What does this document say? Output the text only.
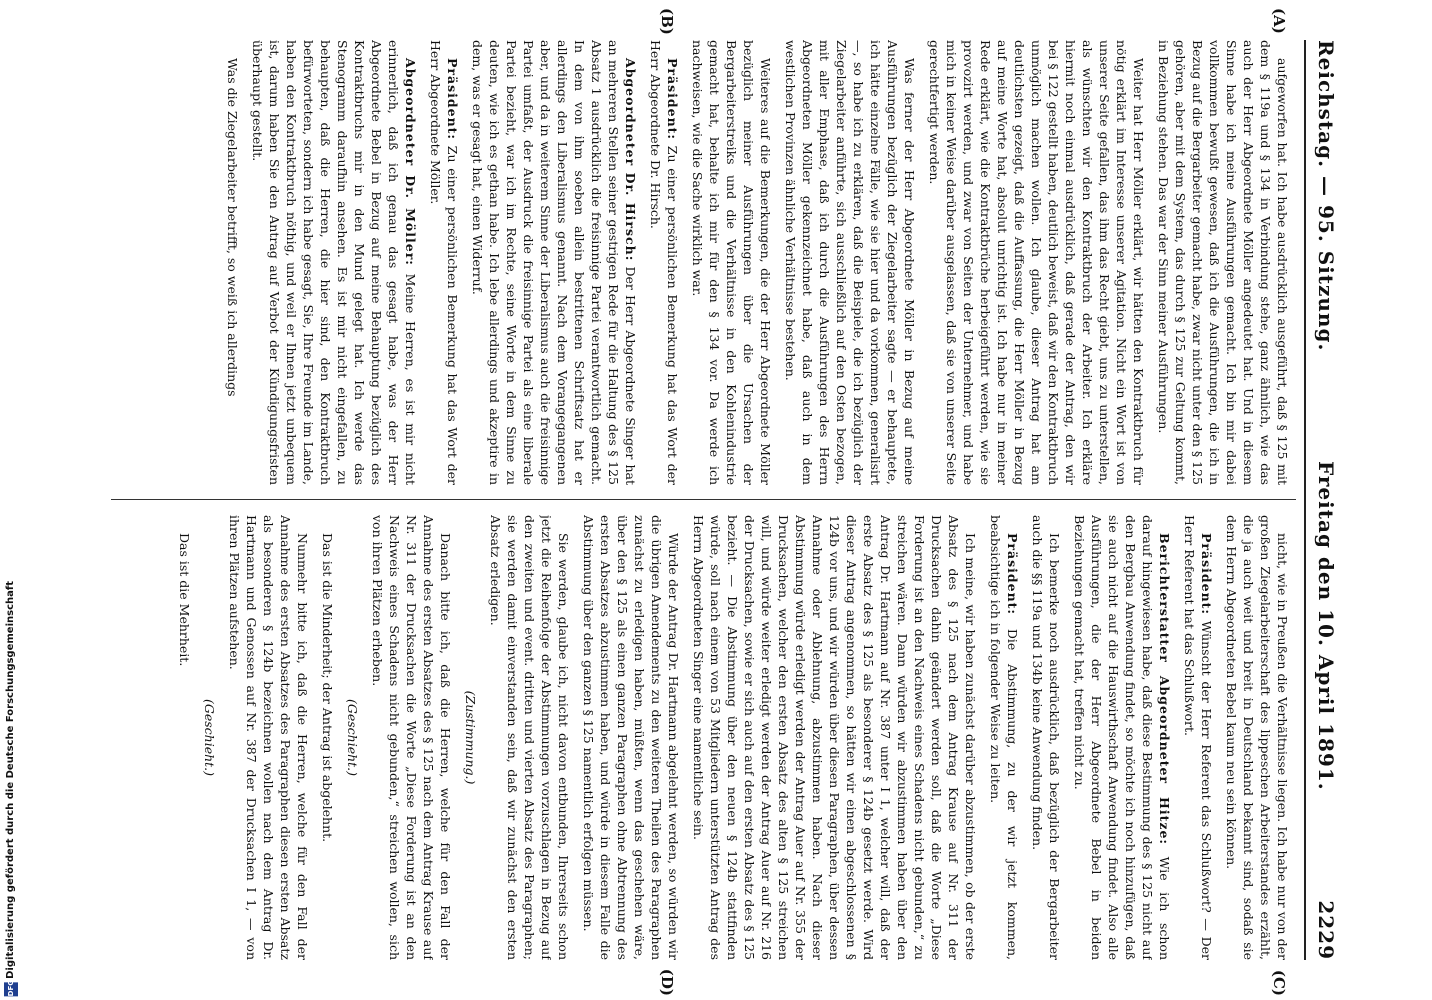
Reichstag. — 95. Sitzung.
Freitag den 10. April 1891.
2229
(A)
(B)
(C)
(D)

aufgeworfen hat. Ich habe ausdrücklich ausgeführt, daß § 125 mit dem § 119a und § 134 in Verbindung stehe, ganz ähnlich, wie das auch der Herr Abgeordnete Möller angedeutet hat. Und in diesem Sinne habe ich meine Ausführungen gemacht. Ich bin mir dabei vollkommen bewußt gewesen, daß ich die Ausführungen, die ich in Bezug auf die Bergarbeiter gemacht habe, zwar nicht unter den § 125 gehören, aber mit dem System, das durch § 125 zur Geltung kommt, in Beziehung stehen. Das war der Sinn meiner Ausführungen.

Weiter hat Herr Möller erklärt, wir hätten den Kontraktbruch für nötig erklärt im Interesse unserer Agitation. Nicht ein Wort ist von unserer Seite gefallen, das ihm das Recht giebt, uns zu unterstellen, als wünschten wir den Kontraktbruch der Arbeiter. Ich erkläre hiermit noch einmal ausdrücklich, daß gerade der Antrag, den wir bei § 122 gestellt haben, deutlich beweist, daß wir den Kontraktbruch unmöglich machen wollen. Ich glaube, dieser Antrag hat am deutlichsten gezeigt, daß die Auffassung, die Herr Möller in Bezug auf meine Worte hat, absolut unrichtig ist. Ich habe nur in meiner Rede erklärt, wie die Kontraktbrüche herbeigeführt werden, wie sie provozirt werden, und zwar von Seiten der Unternehmer, und habe mich in keiner Weise darüber ausgelassen, daß sie von unserer Seite gerechtfertigt werden.

Was ferner der Herr Abgeordnete Möller in Bezug auf meine Ausführungen bezüglich der Ziegelarbeiter sagte — er behauptete, ich hätte einzelne Fälle, wie sie hier und da vorkommen, generalisirt —, so habe ich zu erklären, daß die Beispiele, die ich bezüglich der Ziegelarbeiter anführte, sich ausschließlich auf den Osten bezogen, mit aller Emphase, daß ich durch die Ausführungen des Herrn Abgeordneten Möller gekennzeichnet habe, daß auch in dem westlichen Provinzen ähnliche Verhältnisse bestehen.

Weiteres auf die Bemerkungen, die der Herr Abgeordnete Möller bezüglich meiner Ausführungen über die Ursachen der Bergarbeiterstreiks und die Verhältnisse in den Kohlenindustrie gemacht hat, behalte ich mir für den § 134 vor. Da werde ich nachweisen, wie die Sache wirklich war.

Präsident: Zu einer persönlichen Bemerkung hat das Wort der Herr Abgeordnete Dr. Hirsch.

Abgeordneter Dr. Hirsch: Der Herr Abgeordnete Singer hat an mehreren Stellen seiner gestrigen Rede für die Haltung des § 125 Absatz 1 ausdrücklich die freisinnige Partei verantwortlich gemacht. In dem von ihm soeben allein bestrittenen Schriftsatz hat er allerdings den Liberalismus genannt. Nach dem Vorangegangenen aber, und da in weiterem Sinne der Liberalismus auch die freisinnige Partei umfaßt, der Ausdruck die freisinnige Partei als eine liberale Partei bezieht, war ich im Rechte, seine Worte in dem Sinne zu deuten, wie ich es gethan habe. Ich lebe allerdings und akzeptire in dem, was er gesagt hat, einen Widerruf.

Präsident: Zu einer persönlichen Bemerkung hat das Wort der Herr Abgeordnete Möller.

Abgeordneter Dr. Möller: Meine Herren, es ist mir nicht erinnerlich, daß ich genau das gesagt habe, was der Herr Abgeordnete Bebel in Bezug auf meine Behauptung bezüglich des Kontraktbruchs mir in den Mund gelegt hat. Ich werde das Stenogramm daraufhin ansehen. Es ist mir nicht eingefallen, zu behaupten, daß die Herren, die hier sind, den Kontraktbruch befürworteten, sondern ich habe gesagt, Sie, Ihre Freunde im Lande, haben den Kontraktbruch nöthig, und weil er Ihnen jetzt unbequem ist, darum haben Sie den Antrag auf Verbot der Kündigungsfristen überhaupt gestellt.

Was die Ziegelarbeiter betrifft, so weiß ich allerdings

nicht, wie in Preußen die Verhältnisse liegen. Ich habe nur von der großen Ziegelarbeiterschaft des lippeschen Arbeiterstandes erzählt, die ja auch weit und breit in Deutschland bekannt sind, sodaß sie dem Herrn Abgeordneten Bebel kaum neu sein können.

Präsident: Wünscht der Herr Referent das Schlußwort? — Der Herr Referent hat das Schlußwort.

Berichterstatter Abgeordneter Hitze: Wie ich schon darauf hingewiesen habe, daß diese Bestimmung des § 125 nicht auf den Bergbau Anwendung findet, so möchte ich noch hinzufügen, daß sie auch nicht auf die Hauswirthschaft Anwendung findet. Also alle Ausführungen, die der Herr Abgeordnete Bebel in beiden Beziehungen gemacht hat, treffen nicht zu.

Ich bemerke noch ausdrücklich, daß bezüglich der Bergarbeiter auch die §§ 119a und 134b keine Anwendung finden.

Präsident: Die Abstimmung, zu der wir jetzt kommen, beabsichtige ich in folgender Weise zu leiten.

Ich meine, wir haben zunächst darüber abzustimmen, ob der erste Absatz des § 125 nach dem Antrag Krause auf Nr. 311 der Drucksachen dahin geändert werden soll, daß die Worte „Diese Forderung ist an den Nachweis eines Schadens nicht gebunden,“ zu streichen wären. Dann würden wir abzustimmen haben über den Antrag Dr. Hartmann auf Nr. 387 unter I 1, welcher will, daß der erste Absatz des § 125 als besonderer § 124b gesetzt werde. Wird dieser Antrag angenommen, so hätten wir einen abgeschlossenen § 124b vor uns, und wir würden über diesen Paragraphen, über dessen Annahme oder Ablehnung, abzustimmen haben. Nach dieser Abstimmung würde erledigt werden der Antrag Auer auf Nr. 355 der Drucksachen, welcher den ersten Absatz des alten § 125 streichen will, und würde weiter erledigt werden der Antrag Auer auf Nr. 216 der Drucksachen, sowie er sich auch auf den ersten Absatz des § 125 bezieht. — Die Abstimmung über den neuen § 124b stattfinden würde, soll nach einem von 53 Mitgliedern unterstützten Antrag des Herrn Abgeordneten Singer eine namentliche sein.

Würde der Antrag Dr. Hartmann abgelehnt werden, so würden wir die übrigen Amendements zu den weiteren Theilen des Paragraphen zunächst zu erledigen haben, müßten, wenn das geschehen wäre, über den § 125 als einen ganzen Paragraphen ohne Abtrennung des ersten Absatzes abzustimmen haben, und würde in diesem Falle die Abstimmung über den ganzen § 125 namentlich erfolgen müssen.

Sie werden, glaube ich, nicht davon entbunden, Ihrerseits schon jetzt die Reihenfolge der Abstimmungen vorzuschlagen in Bezug auf den zweiten und event. dritten und vierten Absatz des Paragraphen; sie werden damit einverstanden sein, daß wir zunächst den ersten Absatz erledigen.

(Zustimmung.)

Danach bitte ich, daß die Herren, welche für den Fall der Annahme des ersten Absatzes des § 125 nach dem Antrag Krause auf Nr. 311 der Drucksachen die Worte „Diese Forderung ist an den Nachweis eines Schadens nicht gebunden,“ streichen wollen, sich von ihren Plätzen erheben.

(Geschieht.)

Das ist die Minderheit; der Antrag ist abgelehnt.

Nunmehr bitte ich, daß die Herren, welche für den Fall der Annahme des ersten Absatzes des Paragraphen diesen ersten Absatz als besonderen § 124b bezeichnen wollen nach dem Antrag Dr. Hartmann und Genossen auf Nr. 387 der Drucksachen I 1, — von ihren Plätzen aufstehen.

(Geschieht.)

Das ist die Mehrheit.

DFG Digitalisierung gefördert durch die Deutsche Forschungsgemeinschaft
